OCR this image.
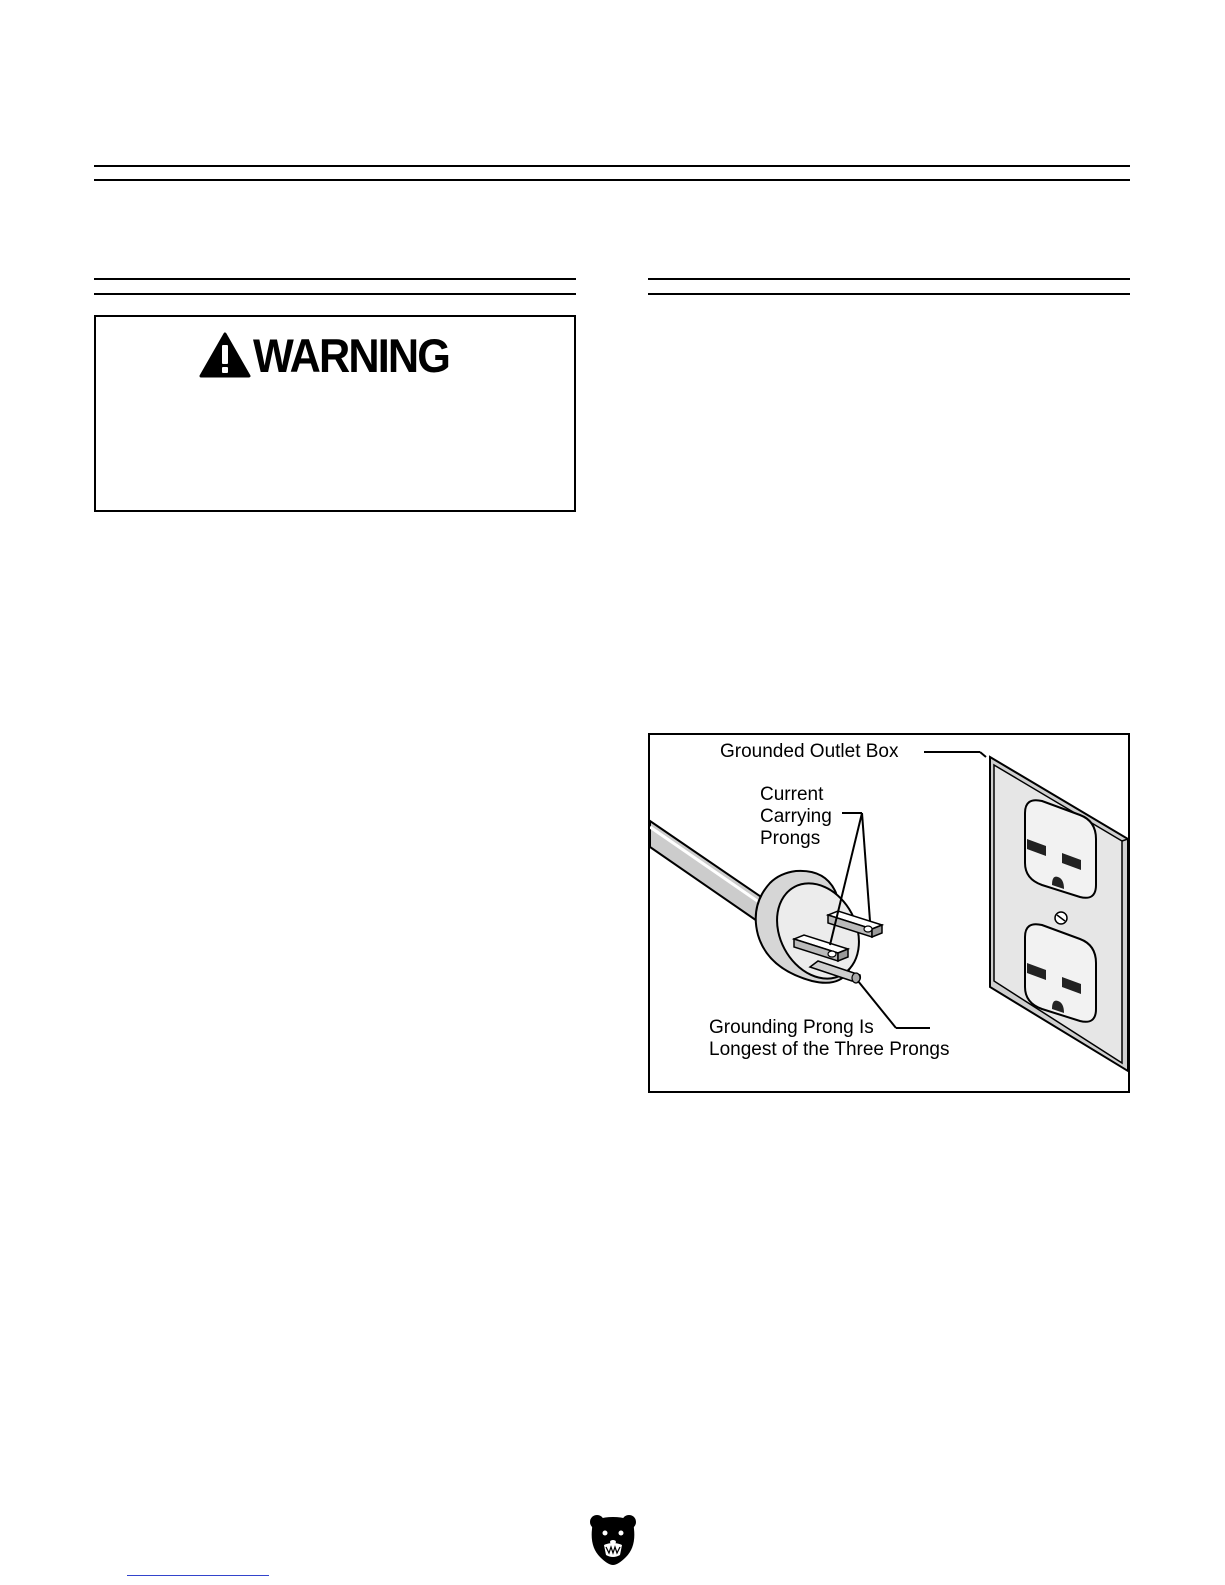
WARNING
Grounded Outlet Box
Current
Carrying
Prongs
Grounding Prong Is
Longest of the Three Prongs
